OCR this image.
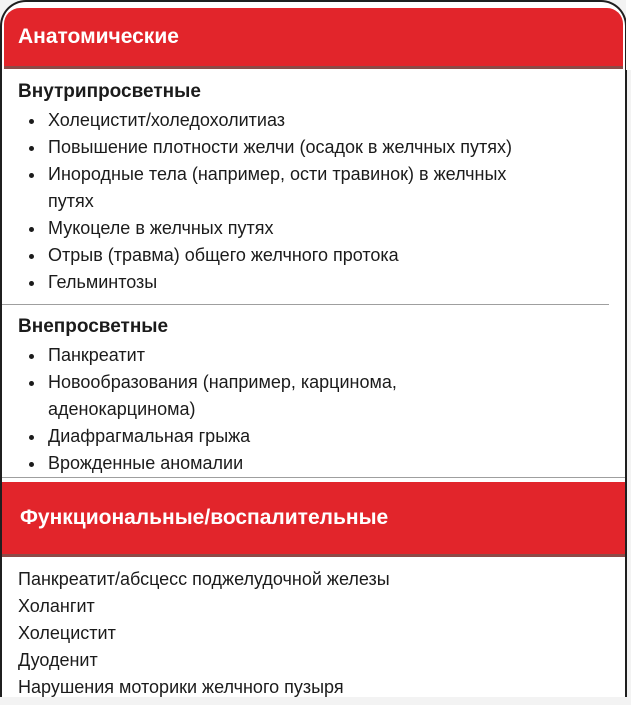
Анатомические
Внутрипросветные
• Холецистит/холедохолитиаз
• Повышение плотности желчи (осадок в желчных путях)
• Инородные тела (например, ости травинок) в желчных путях
• Мукоцеле в желчных путях
• Отрыв (травма) общего желчного протока
• Гельминтозы
Внепросветные
• Панкреатит
• Новообразования (например, карцинома, аденокарцинома)
• Диафрагмальная грыжа
• Врожденные аномалии
Функциональные/воспалительные
Панкреатит/абсцесс поджелудочной железы
Холангит
Холецистит
Дуоденит
Нарушения моторики желчного пузыря
